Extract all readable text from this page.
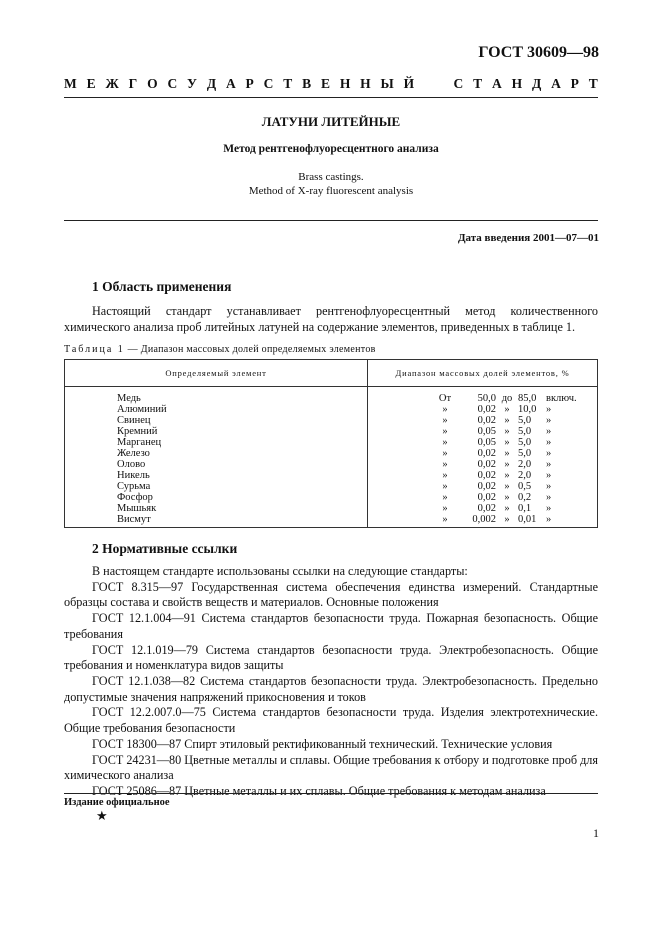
ГОСТ 30609—98
М Е Ж Г О С У Д А Р С Т В Е Н Н Ы Й	С Т А Н Д А Р Т
ЛАТУНИ ЛИТЕЙНЫЕ
Метод рентгенофлуоресцентного анализа
Brass castings.
Method of X-ray fluorescent analysis
Дата введения 2001—07—01
1 Область применения

Настоящий стандарт устанавливает рентгенофлуоресцентный метод количественного химического анализа проб литейных латуней на содержание элементов, приведенных в таблице 1.

Таблица 1 — Диапазон массовых долей определяемых элементов
Определяемый элемент	Диапазон массовых долей элементов, %
Медь	От 50,0 до 85,0 включ.

Алюминий	» 0,02 » 10,0 »

Свинец	» 0,02 » 5,0 »

Кремний	» 0,05 » 5,0 »

Марганец	» 0,05 » 5,0 »

Железо	» 0,02 » 5,0 »

Олово	» 0,02 » 2,0 »

Никель	» 0,02 » 2,0 »

Сурьма	» 0,02 » 0,5 »

Фосфор	» 0,02 » 0,2 »

Мышьяк	» 0,02 » 0,1 »

Висмут	» 0,002 » 0,01 »
2 Нормативные ссылки

В настоящем стандарте использованы ссылки на следующие стандарты:

ГОСТ 8.315—97 Государственная система обеспечения единства измерений. Стандартные образцы состава и свойств веществ и материалов. Основные положения

ГОСТ 12.1.004—91 Система стандартов безопасности труда. Пожарная безопасность. Общие требования

ГОСТ 12.1.019—79 Система стандартов безопасности труда. Электробезопасность. Общие требования и номенклатура видов защиты

ГОСТ 12.1.038—82 Система стандартов безопасности труда. Электробезопасность. Предельно допустимые значения напряжений прикосновения и токов

ГОСТ 12.2.007.0—75 Система стандартов безопасности труда. Изделия электротехнические. Общие требования безопасности

ГОСТ 18300—87 Спирт этиловый ректификованный технический. Технические условия

ГОСТ 24231—80 Цветные металлы и сплавы. Общие требования к отбору и подготовке проб для химического анализа

ГОСТ 25086—87 Цветные металлы и их сплавы. Общие требования к методам анализа

Издание официальное
★
1
